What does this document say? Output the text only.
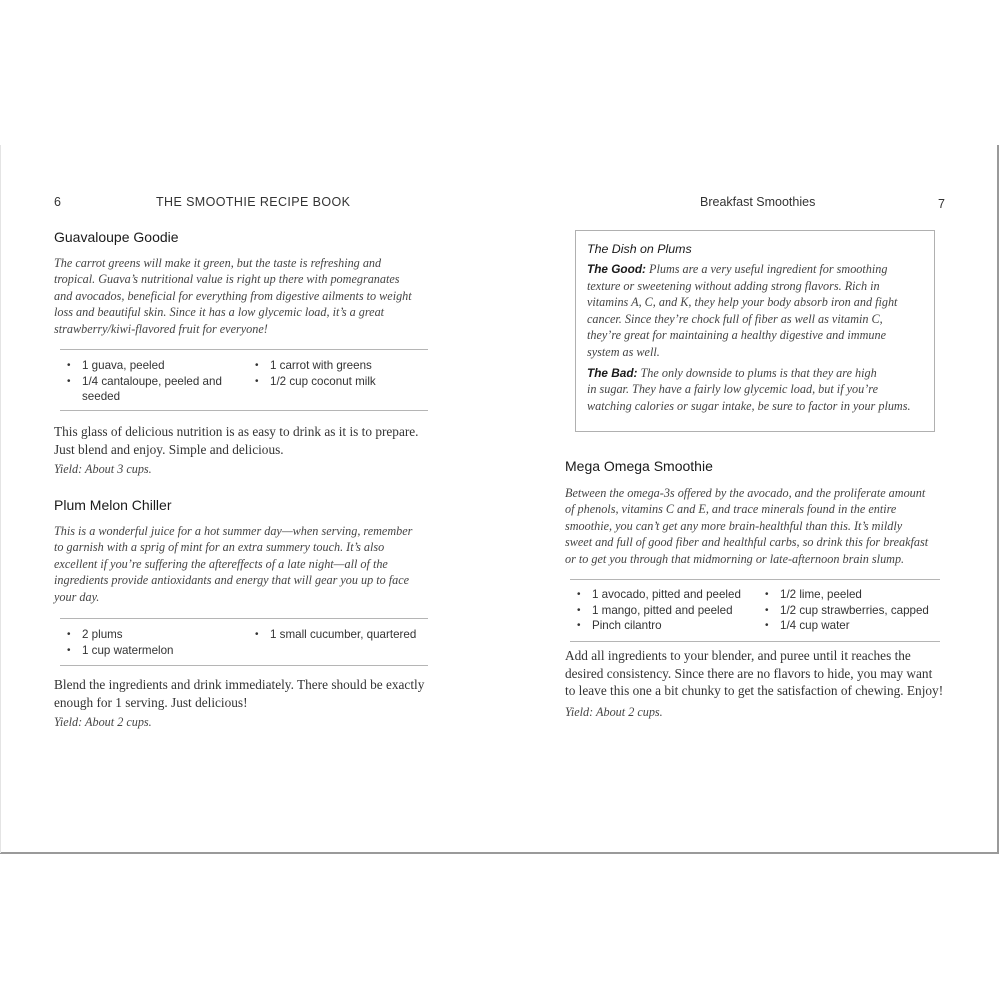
6	THE SMOOTHIE RECIPE BOOK
Guavaloupe Goodie
The carrot greens will make it green, but the taste is refreshing and
tropical. Guava’s nutritional value is right up there with pomegranates
and avocados, beneficial for everything from digestive ailments to weight
loss and beautiful skin. Since it has a low glycemic load, it’s a great
strawberry/kiwi-flavored fruit for everyone!
• 1 guava, peeled
• 1/4 cantaloupe, peeled and seeded
• 1 carrot with greens
• 1/2 cup coconut milk
This glass of delicious nutrition is as easy to drink as it is to prepare.
Just blend and enjoy. Simple and delicious.
Yield: About 3 cups.
Plum Melon Chiller
This is a wonderful juice for a hot summer day—when serving, remember
to garnish with a sprig of mint for an extra summery touch. It’s also
excellent if you’re suffering the aftereffects of a late night—all of the
ingredients provide antioxidants and energy that will gear you up to face
your day.
• 2 plums
• 1 cup watermelon
• 1 small cucumber, quartered
Blend the ingredients and drink immediately. There should be exactly
enough for 1 serving. Just delicious!
Yield: About 2 cups.
Breakfast Smoothies	7
The Dish on Plums
The Good: Plums are a very useful ingredient for smoothing
texture or sweetening without adding strong flavors. Rich in
vitamins A, C, and K, they help your body absorb iron and fight
cancer. Since they’re chock full of fiber as well as vitamin C,
they’re great for maintaining a healthy digestive and immune
system as well.
The Bad: The only downside to plums is that they are high
in sugar. They have a fairly low glycemic load, but if you’re
watching calories or sugar intake, be sure to factor in your plums.
Mega Omega Smoothie
Between the omega-3s offered by the avocado, and the proliferate amount
of phenols, vitamins C and E, and trace minerals found in the entire
smoothie, you can’t get any more brain-healthful than this. It’s mildly
sweet and full of good fiber and healthful carbs, so drink this for breakfast
or to get you through that midmorning or late-afternoon brain slump.
• 1 avocado, pitted and peeled
• 1 mango, pitted and peeled
• Pinch cilantro
• 1/2 lime, peeled
• 1/2 cup strawberries, capped
• 1/4 cup water
Add all ingredients to your blender, and puree until it reaches the
desired consistency. Since there are no flavors to hide, you may want
to leave this one a bit chunky to get the satisfaction of chewing. Enjoy!
Yield: About 2 cups.
